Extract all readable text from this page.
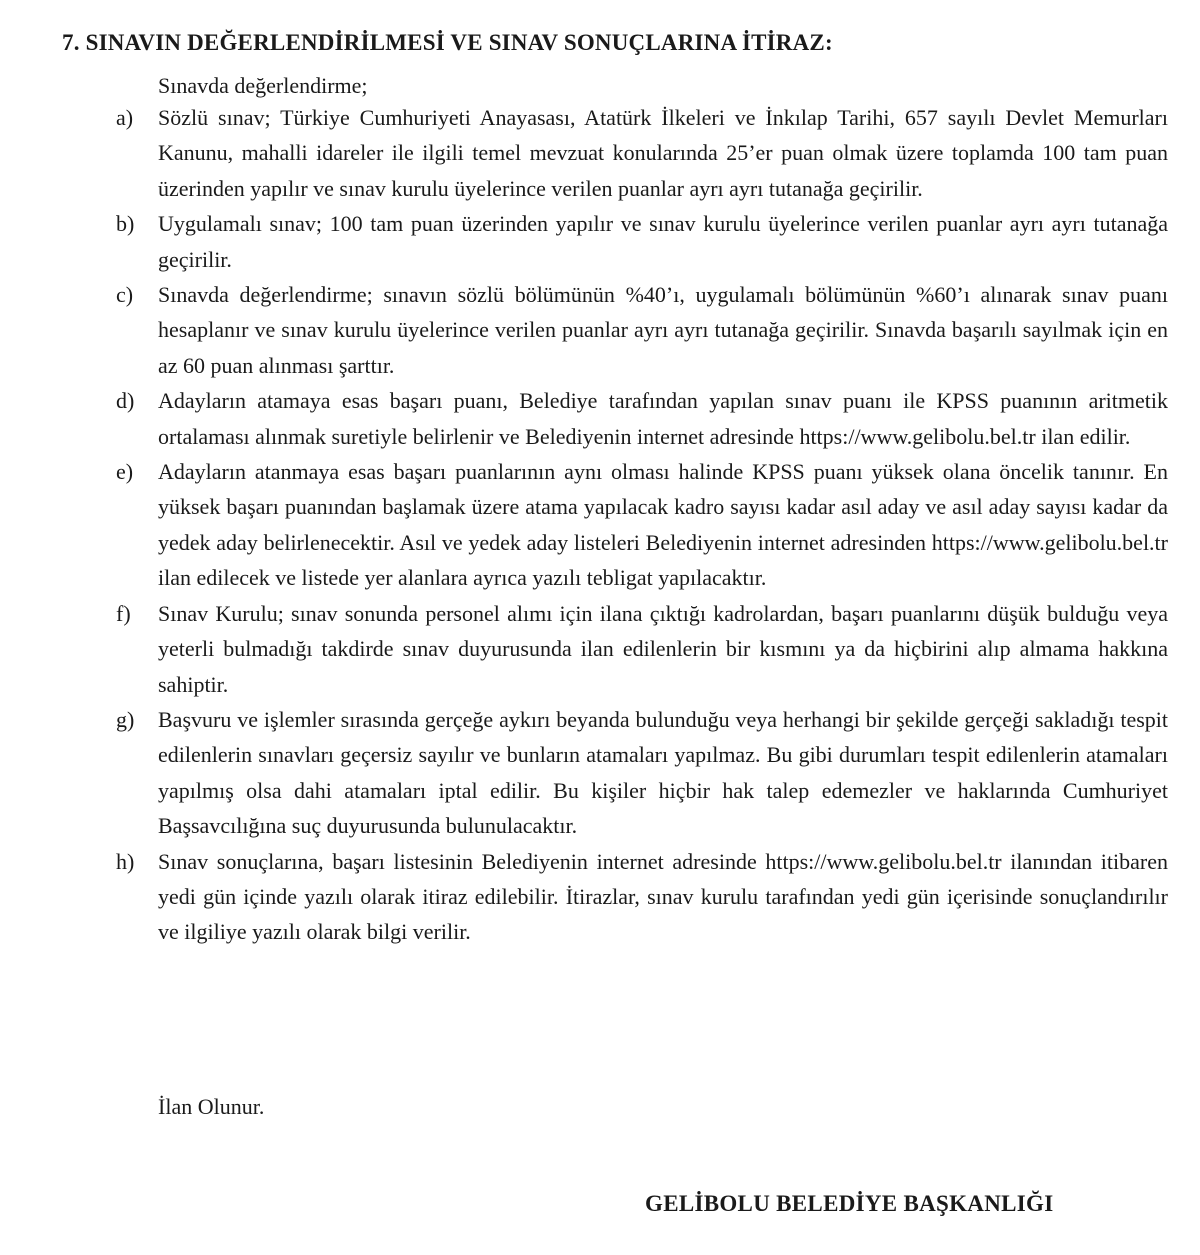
7. SINAVIN DEĞERLENDİRİLMESİ VE SINAV SONUÇLARINA İTİRAZ:
Sınavda değerlendirme;
a) Sözlü sınav; Türkiye Cumhuriyeti Anayasası, Atatürk İlkeleri ve İnkılap Tarihi, 657 sayılı Devlet Memurları Kanunu, mahalli idareler ile ilgili temel mevzuat konularında 25’er puan olmak üzere toplamda 100 tam puan üzerinden yapılır ve sınav kurulu üyelerince verilen puanlar ayrı ayrı tutanağa geçirilir.
b) Uygulamalı sınav; 100 tam puan üzerinden yapılır ve sınav kurulu üyelerince verilen puanlar ayrı ayrı tutanağa geçirilir.
c) Sınavda değerlendirme; sınavın sözlü bölümünün %40’ı, uygulamalı bölümünün %60’ı alınarak sınav puanı hesaplanır ve sınav kurulu üyelerince verilen puanlar ayrı ayrı tutanağa geçirilir. Sınavda başarılı sayılmak için en az 60 puan alınması şarttır.
d) Adayların atamaya esas başarı puanı, Belediye tarafından yapılan sınav puanı ile KPSS puanının aritmetik ortalaması alınmak suretiyle belirlenir ve Belediyenin internet adresinde https://www.gelibolu.bel.tr ilan edilir.
e) Adayların atanmaya esas başarı puanlarının aynı olması halinde KPSS puanı yüksek olana öncelik tanınır. En yüksek başarı puanından başlamak üzere atama yapılacak kadro sayısı kadar asıl aday ve asıl aday sayısı kadar da yedek aday belirlenecektir. Asıl ve yedek aday listeleri Belediyenin internet adresinden https://www.gelibolu.bel.tr ilan edilecek ve listede yer alanlara ayrıca yazılı tebligat yapılacaktır.
f) Sınav Kurulu; sınav sonunda personel alımı için ilana çıktığı kadrolardan, başarı puanlarını düşük bulduğu veya yeterli bulmadığı takdirde sınav duyurusunda ilan edilenlerin bir kısmını ya da hiçbirini alıp almama hakkına sahiptir.
g) Başvuru ve işlemler sırasında gerçeğe aykırı beyanda bulunduğu veya herhangi bir şekilde gerçeği sakladığı tespit edilenlerin sınavları geçersiz sayılır ve bunların atamaları yapılmaz. Bu gibi durumları tespit edilenlerin atamaları yapılmış olsa dahi atamaları iptal edilir. Bu kişiler hiçbir hak talep edemezler ve haklarında Cumhuriyet Başsavcılığına suç duyurusunda bulunulacaktır.
h) Sınav sonuçlarına, başarı listesinin Belediyenin internet adresinde https://www.gelibolu.bel.tr ilanından itibaren yedi gün içinde yazılı olarak itiraz edilebilir. İtirazlar, sınav kurulu tarafından yedi gün içerisinde sonuçlandırılır ve ilgiliye yazılı olarak bilgi verilir.
İlan Olunur.
GELİBOLU BELEDİYE BAŞKANLIĞI
